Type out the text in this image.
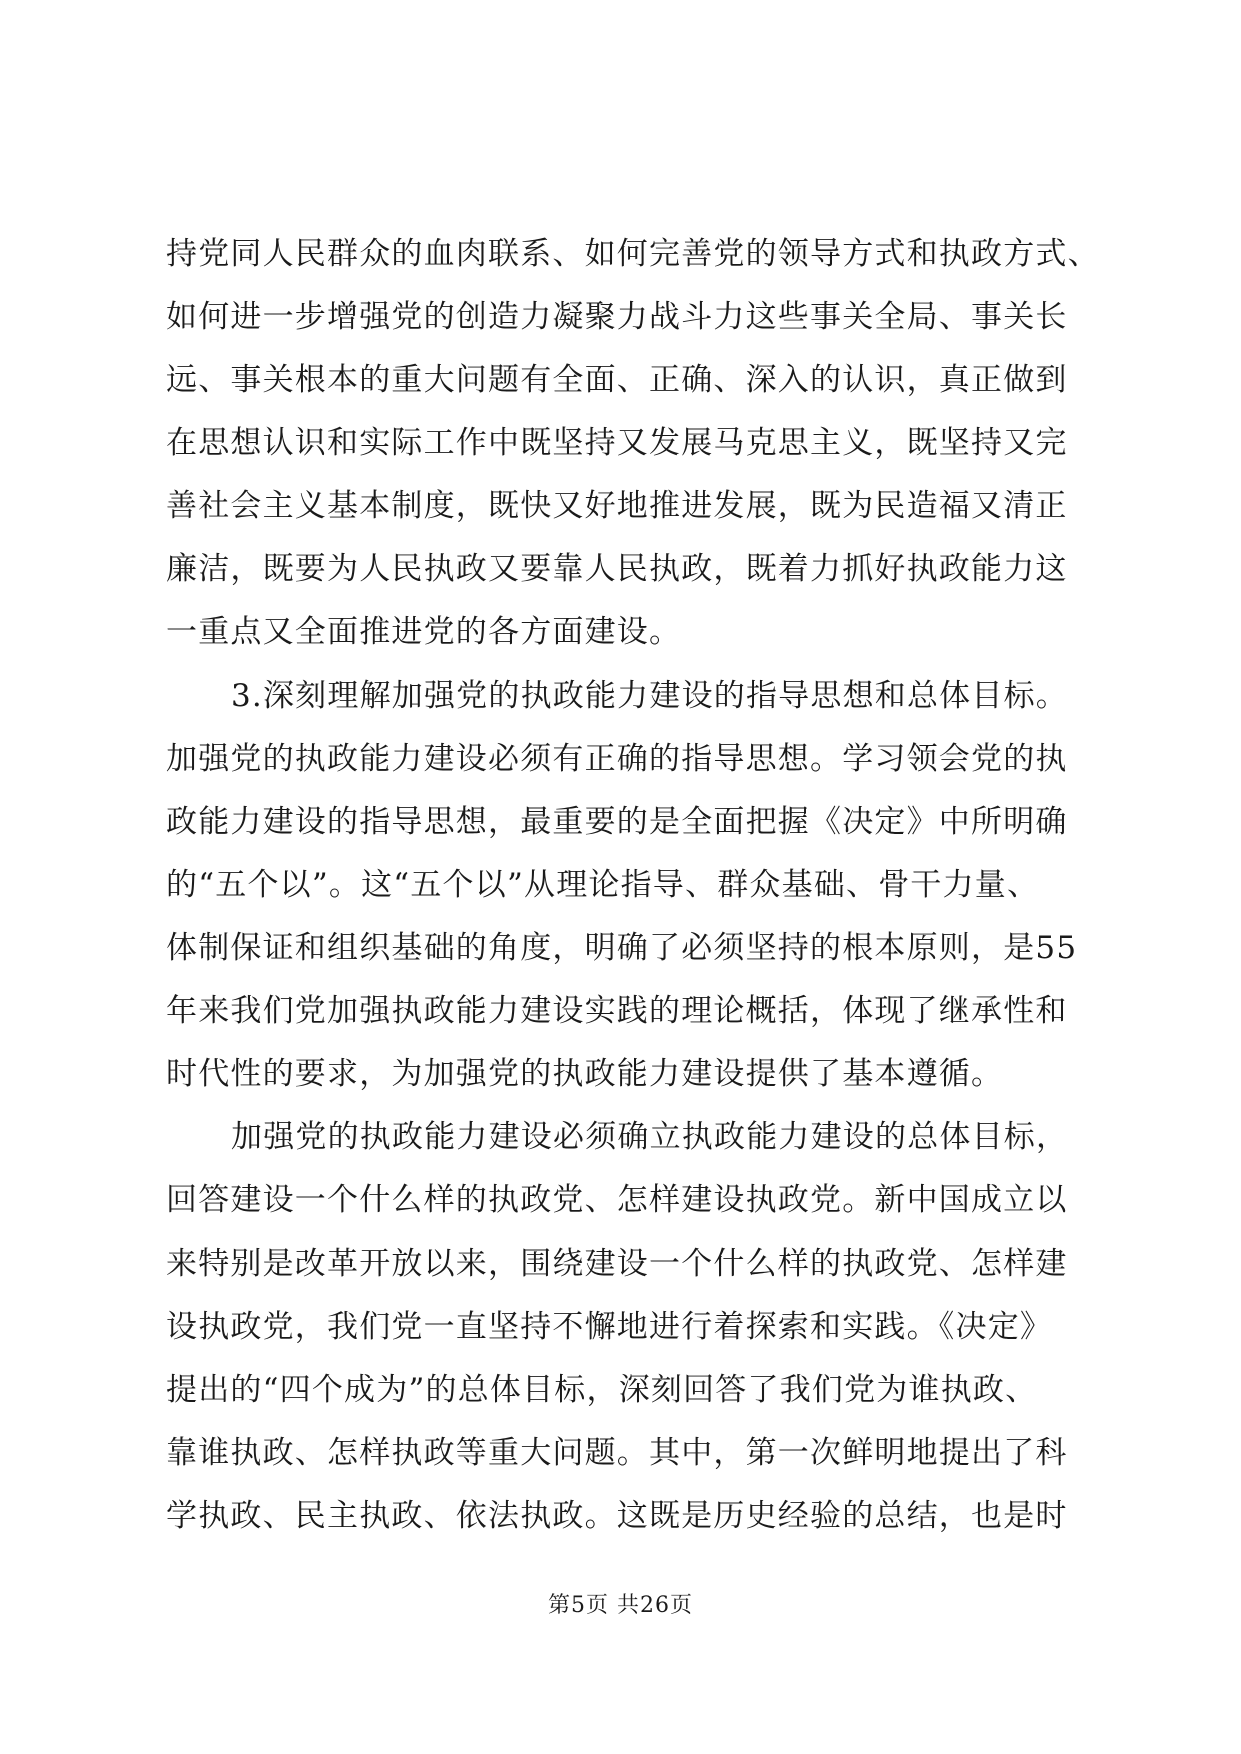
持党同人民群众的血肉联系、如何完善党的领导方式和执政方式、

如何进一步增强党的创造力凝聚力战斗力这些事关全局、事关长

远、事关根本的重大问题有全面、正确、深入的认识，真正做到

在思想认识和实际工作中既坚持又发展马克思主义，既坚持又完

善社会主义基本制度，既快又好地推进发展，既为民造福又清正

廉洁，既要为人民执政又要靠人民执政，既着力抓好执政能力这

一重点又全面推进党的各方面建设。

3.深刻理解加强党的执政能力建设的指导思想和总体目标。

加强党的执政能力建设必须有正确的指导思想。学习领会党的执

政能力建设的指导思想，最重要的是全面把握《决定》中所明确

的“五个以”。这“五个以”从理论指导、群众基础、骨干力量、

体制保证和组织基础的角度，明确了必须坚持的根本原则，是55

年来我们党加强执政能力建设实践的理论概括，体现了继承性和

时代性的要求，为加强党的执政能力建设提供了基本遵循。

加强党的执政能力建设必须确立执政能力建设的总体目标，

回答建设一个什么样的执政党、怎样建设执政党。新中国成立以

来特别是改革开放以来，围绕建设一个什么样的执政党、怎样建

设执政党，我们党一直坚持不懈地进行着探索和实践。《决定》

提出的“四个成为”的总体目标，深刻回答了我们党为谁执政、

靠谁执政、怎样执政等重大问题。其中，第一次鲜明地提出了科

学执政、民主执政、依法执政。这既是历史经验的总结，也是时

第5页 共26页
